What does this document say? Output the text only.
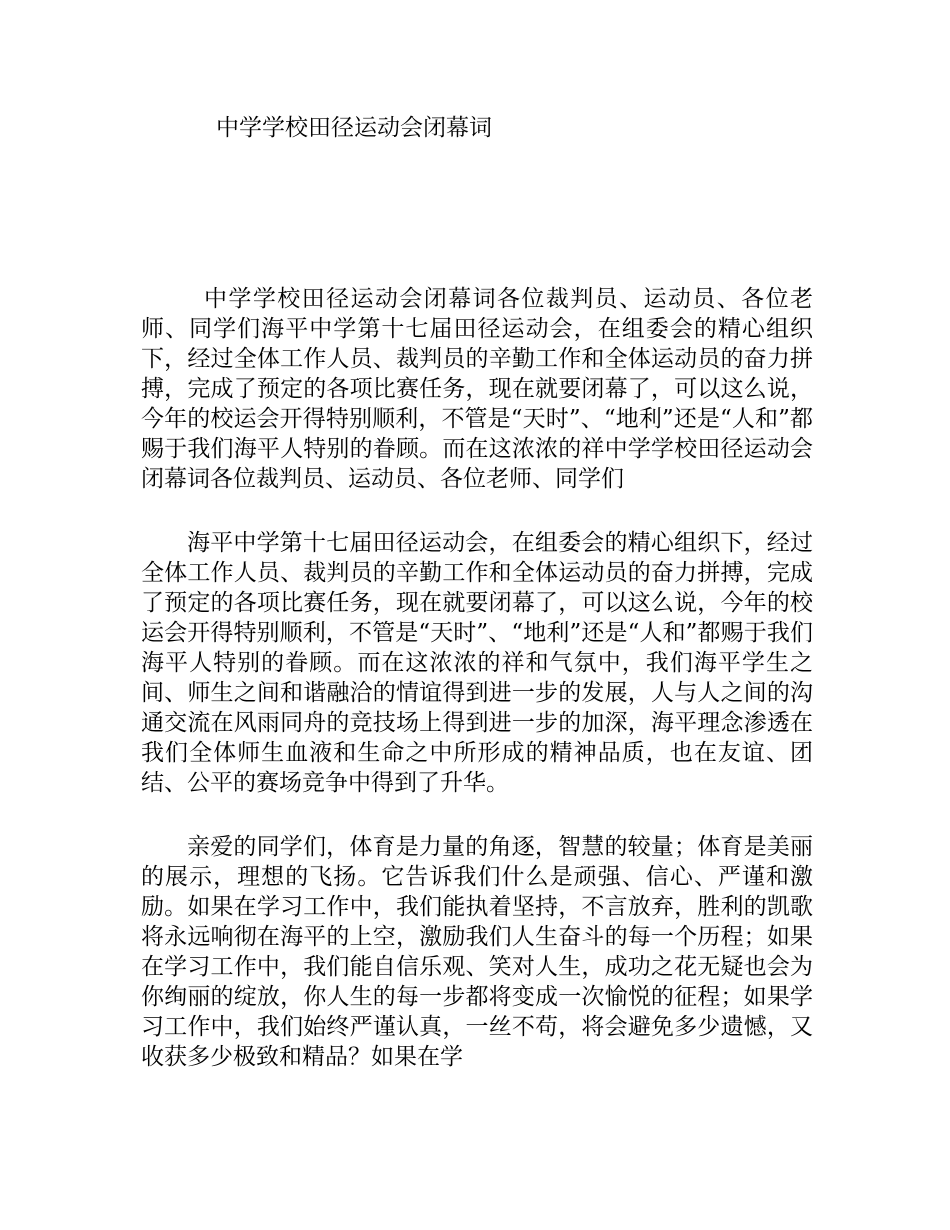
中学学校田径运动会闭幕词

中学学校田径运动会闭幕词各位裁判员、运动员、各位老师、同学们海平中学第十七届田径运动会，在组委会的精心组织下，经过全体工作人员、裁判员的辛勤工作和全体运动员的奋力拼搏，完成了预定的各项比赛任务，现在就要闭幕了，可以这么说，今年的校运会开得特别顺利，不管是“天时”、“地利”还是“人和”都赐于我们海平人特别的眷顾。而在这浓浓的祥中学学校田径运动会闭幕词各位裁判员、运动员、各位老师、同学们

海平中学第十七届田径运动会，在组委会的精心组织下，经过全体工作人员、裁判员的辛勤工作和全体运动员的奋力拼搏，完成了预定的各项比赛任务，现在就要闭幕了，可以这么说，今年的校运会开得特别顺利，不管是“天时”、“地利”还是“人和”都赐于我们海平人特别的眷顾。而在这浓浓的祥和气氛中，我们海平学生之间、师生之间和谐融洽的情谊得到进一步的发展，人与人之间的沟通交流在风雨同舟的竞技场上得到进一步的加深，海平理念渗透在我们全体师生血液和生命之中所形成的精神品质，也在友谊、团结、公平的赛场竞争中得到了升华。

亲爱的同学们，体育是力量的角逐，智慧的较量；体育是美丽的展示，理想的飞扬。它告诉我们什么是顽强、信心、严谨和激励。如果在学习工作中，我们能执着坚持，不言放弃，胜利的凯歌将永远响彻在海平的上空，激励我们人生奋斗的每一个历程；如果在学习工作中，我们能自信乐观、笑对人生，成功之花无疑也会为你绚丽的绽放，你人生的每一步都将变成一次愉悦的征程；如果学习工作中，我们始终严谨认真，一丝不苟，将会避免多少遗憾，又收获多少极致和精品？如果在学
